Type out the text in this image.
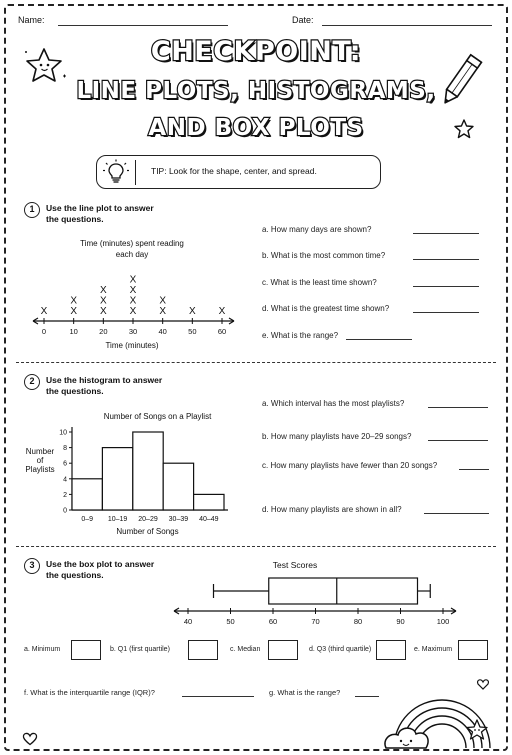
Name:	Date:
CHECKPOINT:
LINE PLOTS, HISTOGRAMS,
AND BOX PLOTS
TIP: Look for the shape, center, and spread.
1	Use the line plot to answer
the questions.
Time (minutes) spent reading
each day
0	10	20	30	40	50	60
X X
X
X
X
X
X
X
X
X
X
X
X X
Time (minutes)
a. How many days are shown?
b. What is the most common time?
c. What is the least time shown?
d. What is the greatest time shown?
e. What is the range?
2	Use the histogram to answer
the questions.
Number of Songs on a Playlist
Number
of
Playlists
0
2
4
6
8
10
0–9 10–19 20–29 30–39 40–49
Number of Songs
a. Which interval has the most playlists?
b. How many playlists have 20–29 songs?
c. How many playlists have fewer than 20 songs?
d. How many playlists are shown in all?
3	Use the box plot to answer
the questions.
Test Scores
40	50	60	70	80	90	100
a. Minimum	b. Q1 (first quartile)	c. Median	d. Q3 (third quartile)	e. Maximum
f. What is the interquartile range (IQR)?	g. What is the range?
